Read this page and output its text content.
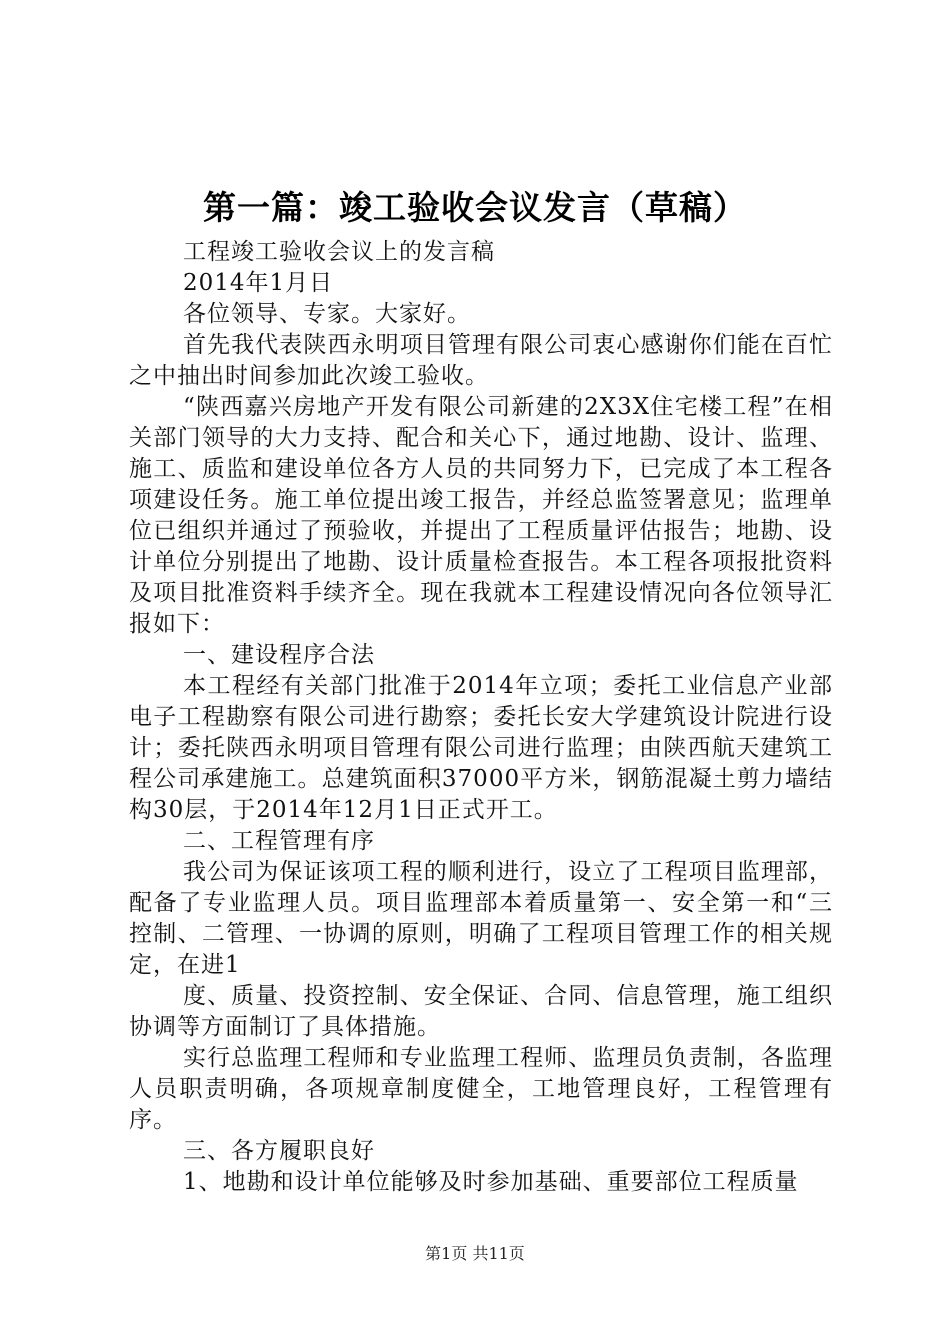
第一篇：竣工验收会议发言（草稿）

工程竣工验收会议上的发言稿

2014年1月日

各位领导、专家。大家好。

首先我代表陕西永明项目管理有限公司衷心感谢你们能在百忙之中抽出时间参加此次竣工验收。

“陕西嘉兴房地产开发有限公司新建的2X3X住宅楼工程”在相关部门领导的大力支持、配合和关心下，通过地勘、设计、监理、施工、质监和建设单位各方人员的共同努力下，已完成了本工程各项建设任务。施工单位提出竣工报告，并经总监签署意见；监理单位已组织并通过了预验收，并提出了工程质量评估报告；地勘、设计单位分别提出了地勘、设计质量检查报告。本工程各项报批资料及项目批准资料手续齐全。现在我就本工程建设情况向各位领导汇报如下：

一、建设程序合法

本工程经有关部门批准于2014年立项；委托工业信息产业部电子工程勘察有限公司进行勘察；委托长安大学建筑设计院进行设计；委托陕西永明项目管理有限公司进行监理；由陕西航天建筑工程公司承建施工。总建筑面积37000平方米，钢筋混凝土剪力墙结构30层，于2014年12月1日正式开工。

二、工程管理有序

我公司为保证该项工程的顺利进行，设立了工程项目监理部，配备了专业监理人员。项目监理部本着质量第一、安全第一和“三控制、二管理、一协调的原则，明确了工程项目管理工作的相关规定，在进1

度、质量、投资控制、安全保证、合同、信息管理，施工组织协调等方面制订了具体措施。

实行总监理工程师和专业监理工程师、监理员负责制，各监理人员职责明确，各项规章制度健全，工地管理良好，工程管理有序。

三、各方履职良好

1、地勘和设计单位能够及时参加基础、重要部位工程质量

第1页 共11页
